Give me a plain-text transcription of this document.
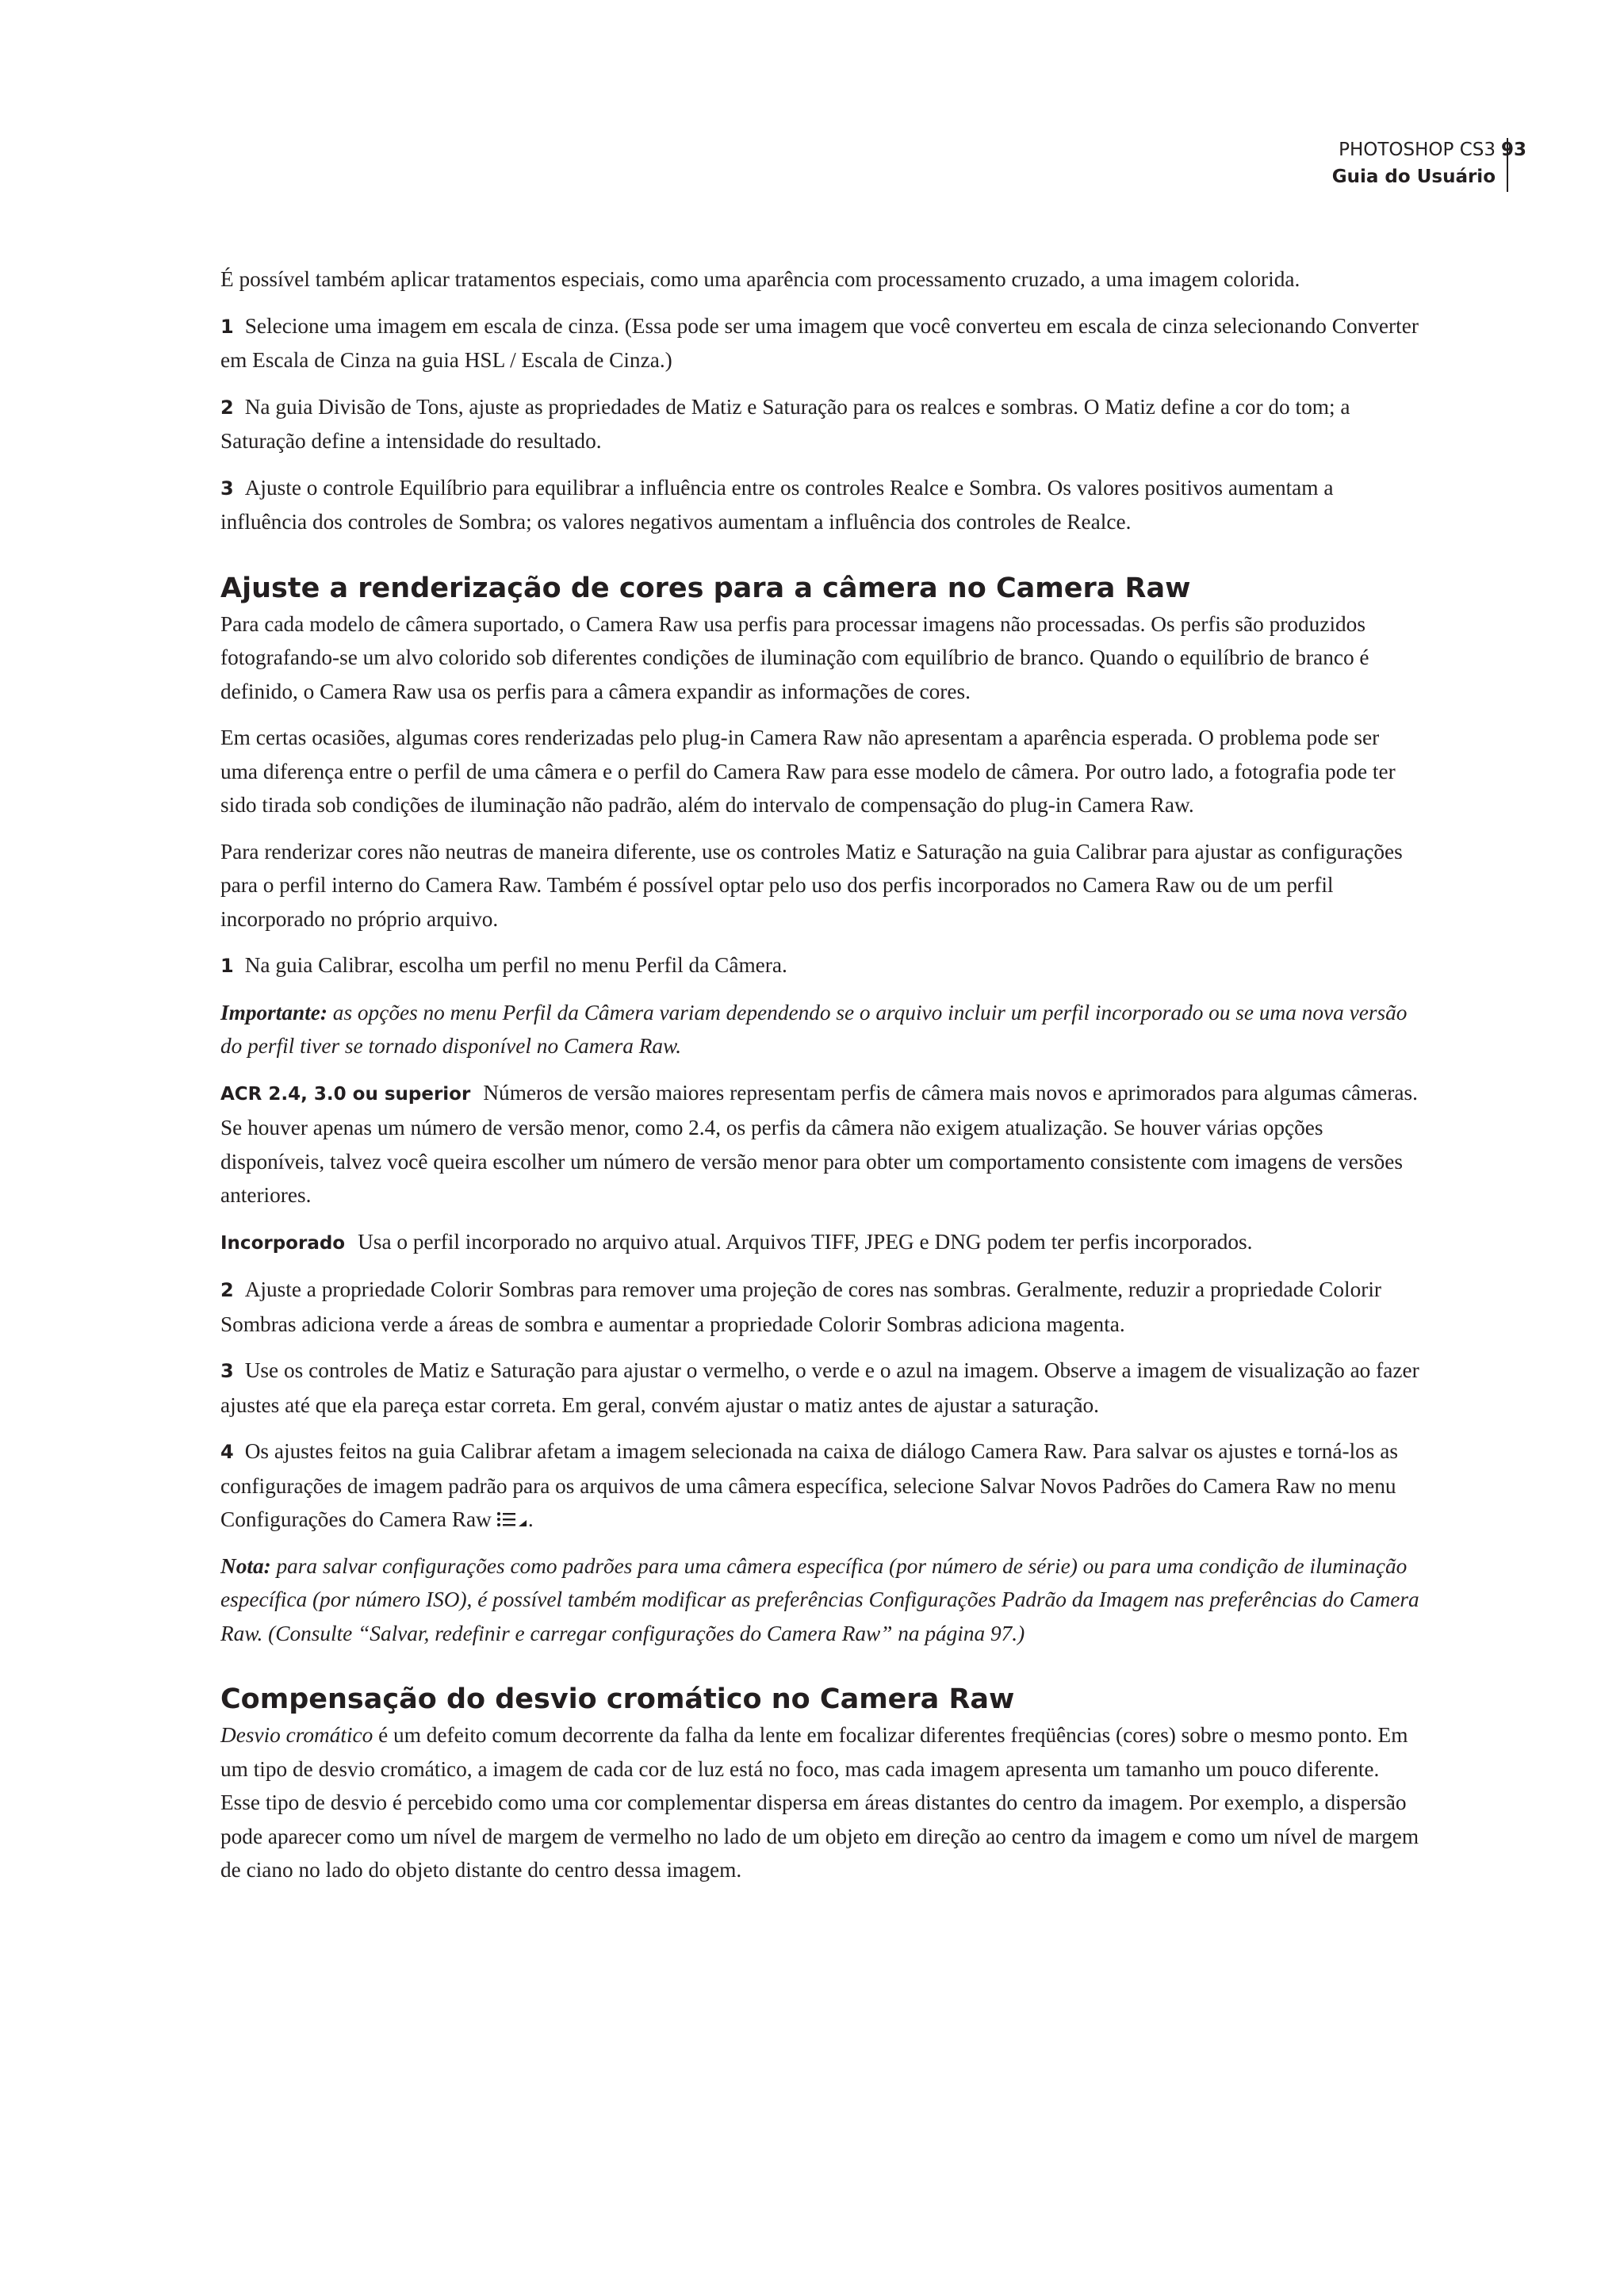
PHOTOSHOP CS3
Guia do Usuário
93

É possível também aplicar tratamentos especiais, como uma aparência com processamento cruzado, a uma imagem colorida.

1 Selecione uma imagem em escala de cinza. (Essa pode ser uma imagem que você converteu em escala de cinza selecionando Converter em Escala de Cinza na guia HSL / Escala de Cinza.)

2 Na guia Divisão de Tons, ajuste as propriedades de Matiz e Saturação para os realces e sombras. O Matiz define a cor do tom; a Saturação define a intensidade do resultado.

3 Ajuste o controle Equilíbrio para equilibrar a influência entre os controles Realce e Sombra. Os valores positivos aumentam a influência dos controles de Sombra; os valores negativos aumentam a influência dos controles de Realce.

Ajuste a renderização de cores para a câmera no Camera Raw

Para cada modelo de câmera suportado, o Camera Raw usa perfis para processar imagens não processadas. Os perfis são produzidos fotografando-se um alvo colorido sob diferentes condições de iluminação com equilíbrio de branco. Quando o equilíbrio de branco é definido, o Camera Raw usa os perfis para a câmera expandir as informações de cores.

Em certas ocasiões, algumas cores renderizadas pelo plug-in Camera Raw não apresentam a aparência esperada. O problema pode ser uma diferença entre o perfil de uma câmera e o perfil do Camera Raw para esse modelo de câmera. Por outro lado, a fotografia pode ter sido tirada sob condições de iluminação não padrão, além do intervalo de compensação do plug-in Camera Raw.

Para renderizar cores não neutras de maneira diferente, use os controles Matiz e Saturação na guia Calibrar para ajustar as configurações para o perfil interno do Camera Raw. Também é possível optar pelo uso dos perfis incorporados no Camera Raw ou de um perfil incorporado no próprio arquivo.

1 Na guia Calibrar, escolha um perfil no menu Perfil da Câmera.

Importante: as opções no menu Perfil da Câmera variam dependendo se o arquivo incluir um perfil incorporado ou se uma nova versão do perfil tiver se tornado disponível no Camera Raw.

ACR 2.4, 3.0 ou superior Números de versão maiores representam perfis de câmera mais novos e aprimorados para algumas câmeras. Se houver apenas um número de versão menor, como 2.4, os perfis da câmera não exigem atualização. Se houver várias opções disponíveis, talvez você queira escolher um número de versão menor para obter um comportamento consistente com imagens de versões anteriores.

Incorporado Usa o perfil incorporado no arquivo atual. Arquivos TIFF, JPEG e DNG podem ter perfis incorporados.

2 Ajuste a propriedade Colorir Sombras para remover uma projeção de cores nas sombras. Geralmente, reduzir a propriedade Colorir Sombras adiciona verde a áreas de sombra e aumentar a propriedade Colorir Sombras adiciona magenta.

3 Use os controles de Matiz e Saturação para ajustar o vermelho, o verde e o azul na imagem. Observe a imagem de visualização ao fazer ajustes até que ela pareça estar correta. Em geral, convém ajustar o matiz antes de ajustar a saturação.

4 Os ajustes feitos na guia Calibrar afetam a imagem selecionada na caixa de diálogo Camera Raw. Para salvar os ajustes e torná-los as configurações de imagem padrão para os arquivos de uma câmera específica, selecione Salvar Novos Padrões do Camera Raw no menu Configurações do Camera Raw .

Nota: para salvar configurações como padrões para uma câmera específica (por número de série) ou para uma condição de iluminação específica (por número ISO), é possível também modificar as preferências Configurações Padrão da Imagem nas preferências do Camera Raw. (Consulte “Salvar, redefinir e carregar configurações do Camera Raw” na página 97.)

Compensação do desvio cromático no Camera Raw

Desvio cromático é um defeito comum decorrente da falha da lente em focalizar diferentes freqüências (cores) sobre o mesmo ponto. Em um tipo de desvio cromático, a imagem de cada cor de luz está no foco, mas cada imagem apresenta um tamanho um pouco diferente. Esse tipo de desvio é percebido como uma cor complementar dispersa em áreas distantes do centro da imagem. Por exemplo, a dispersão pode aparecer como um nível de margem de vermelho no lado de um objeto em direção ao centro da imagem e como um nível de margem de ciano no lado do objeto distante do centro dessa imagem.
